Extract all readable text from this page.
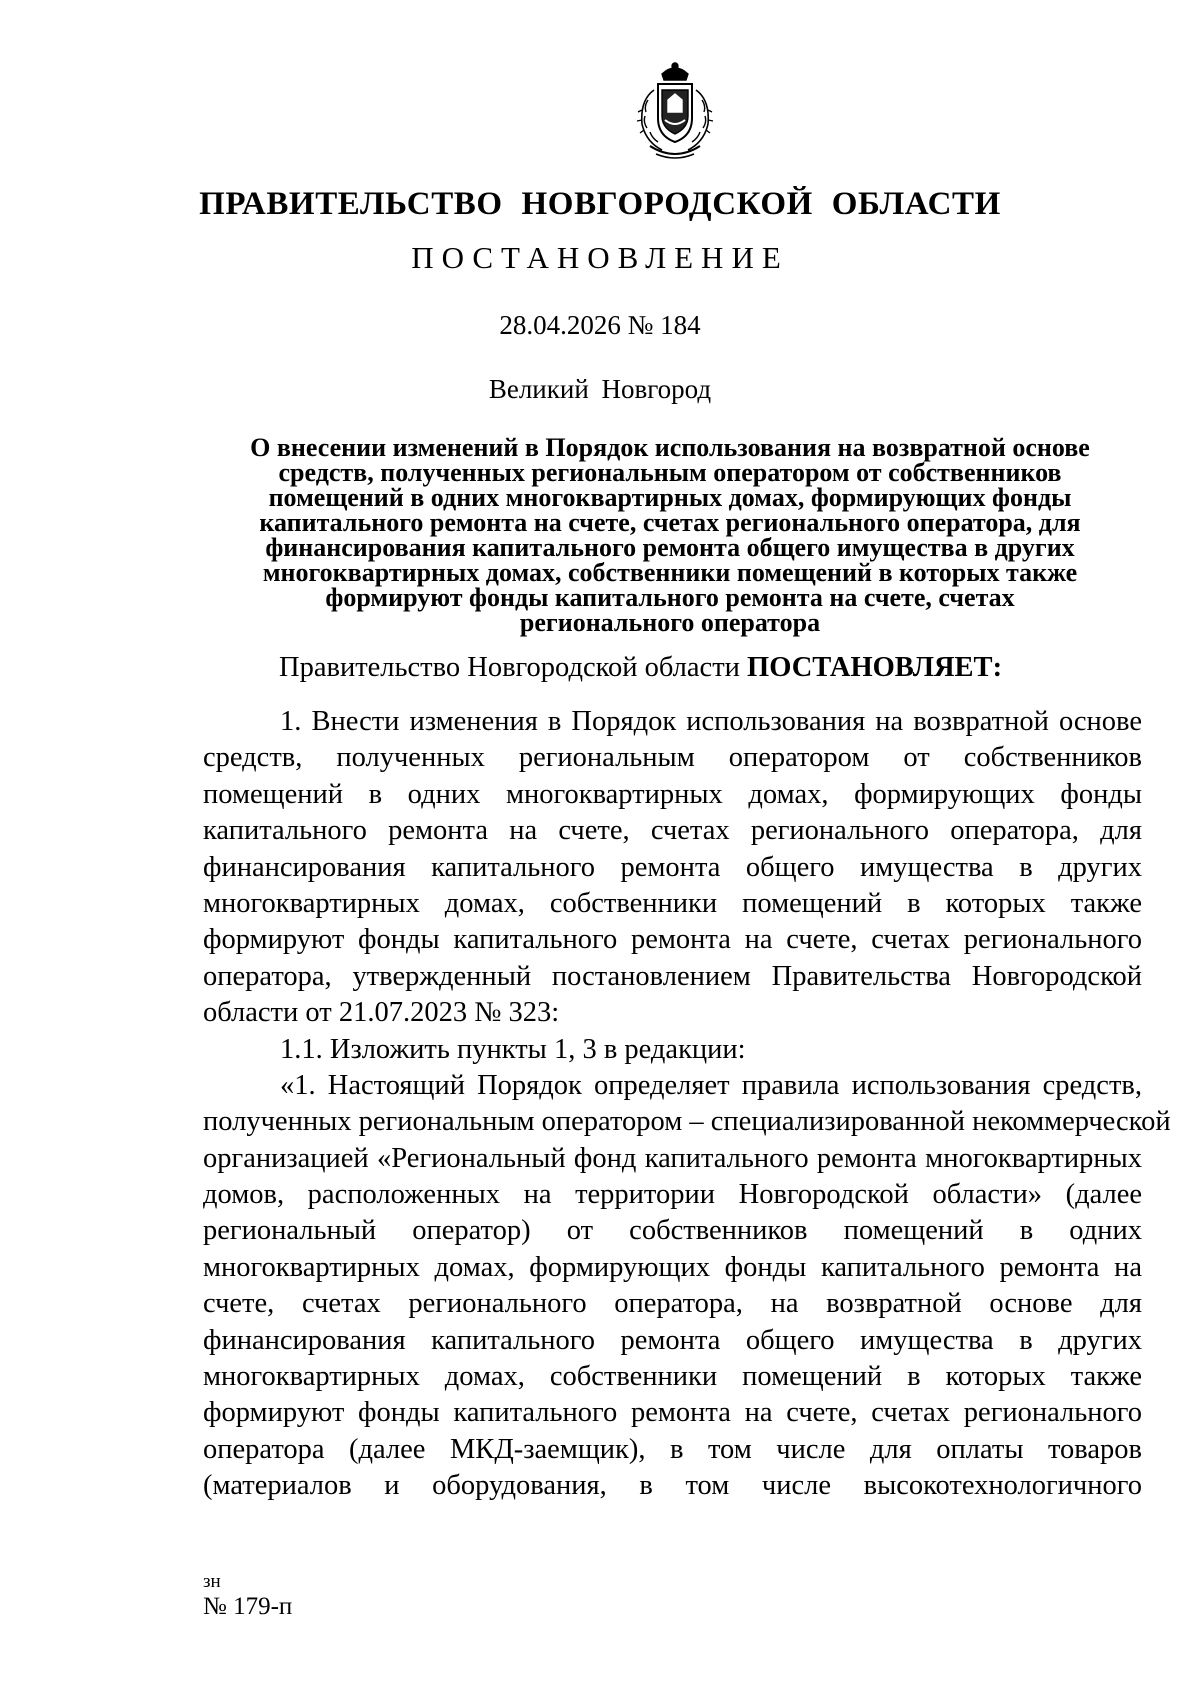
ПРАВИТЕЛЬСТВО НОВГОРОДСКОЙ ОБЛАСТИ
ПОСТАНОВЛЕНИЕ
28.04.2026 № 184
Великий Новгород
О внесении изменений в Порядок использования на возвратной основе
средств, полученных региональным оператором от собственников
помещений в одних многоквартирных домах, формирующих фонды
капитального ремонта на счете, счетах регионального оператора, для
финансирования капитального ремонта общего имущества в других
многоквартирных домах, собственники помещений в которых также
формируют фонды капитального ремонта на счете, счетах
регионального оператора
Правительство Новгородской области ПОСТАНОВЛЯЕТ:
1. Внести изменения в Порядок использования на возвратной основе
средств, полученных региональным оператором от собственников
помещений в одних многоквартирных домах, формирующих фонды
капитального ремонта на счете, счетах регионального оператора, для
финансирования капитального ремонта общего имущества в других
многоквартирных домах, собственники помещений в которых также
формируют фонды капитального ремонта на счете, счетах регионального
оператора, утвержденный постановлением Правительства Новгородской
области от 21.07.2023 № 323:
1.1. Изложить пункты 1, 3 в редакции:
«1. Настоящий Порядок определяет правила использования средств,
полученных региональным оператором – специализированной некоммерческой
организацией «Региональный фонд капитального ремонта многоквартирных
домов, расположенных на территории Новгородской области» (далее
региональный оператор) от собственников помещений в одних
многоквартирных домах, формирующих фонды капитального ремонта на
счете, счетах регионального оператора, на возвратной основе для
финансирования капитального ремонта общего имущества в других
многоквартирных домах, собственники помещений в которых также
формируют фонды капитального ремонта на счете, счетах регионального
оператора (далее МКД-заемщик), в том числе для оплаты товаров
(материалов и оборудования, в том числе высокотехнологичного
зн
№ 179-п
